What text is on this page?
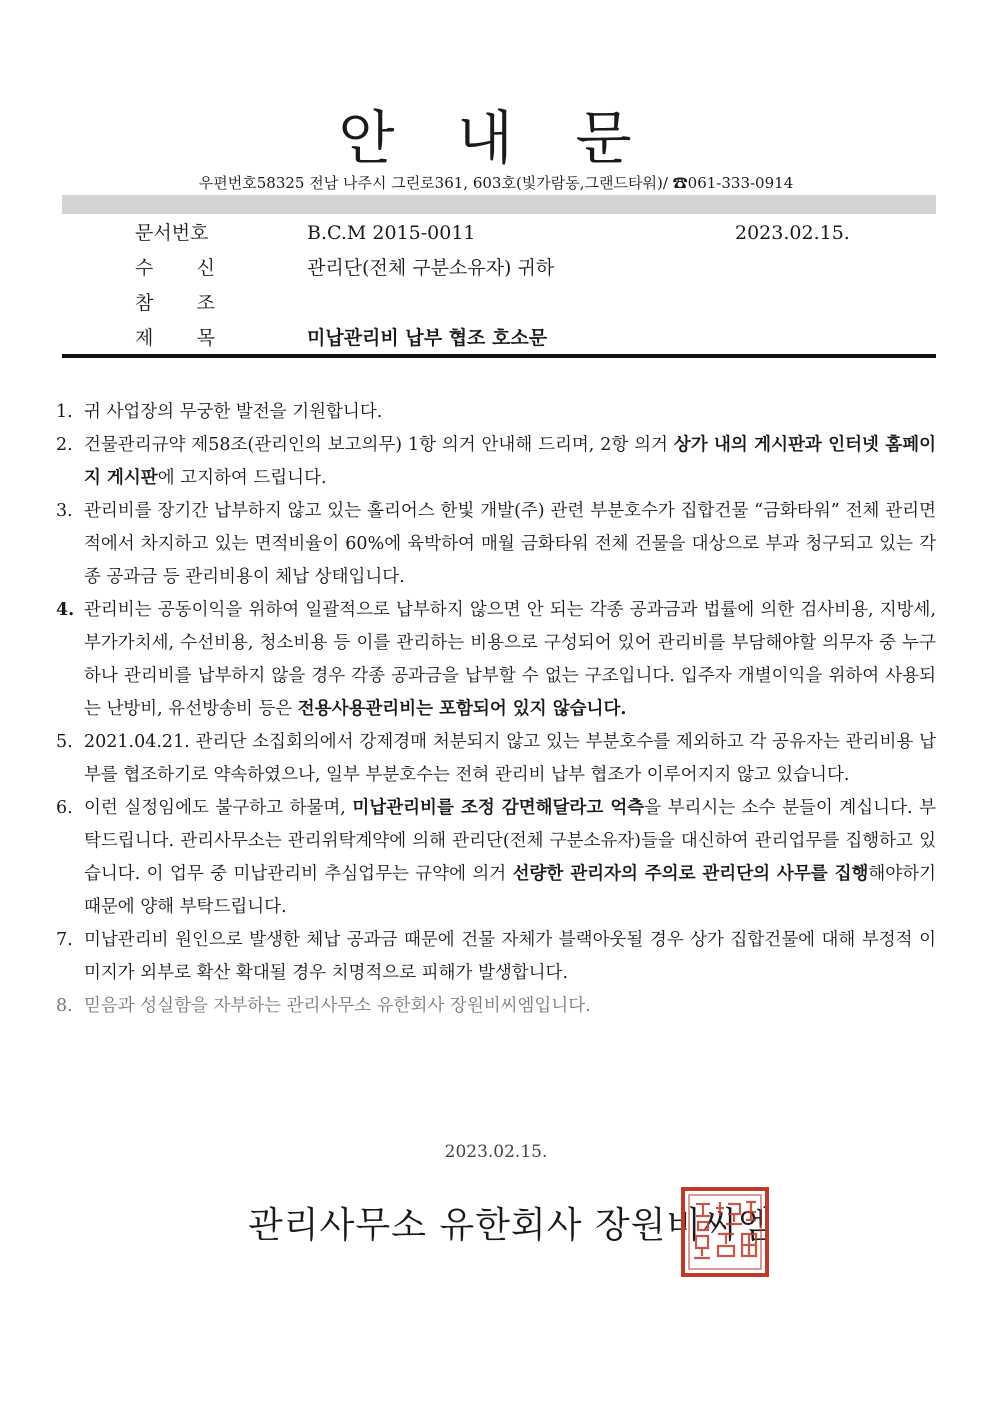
안 내 문
우편번호58325 전남 나주시 그린로361, 603호(빛가람동,그랜드타워)/ ☎061-333-0914
문서번호	B.C.M 2015-0011	2023.02.15.
수 신	관리단(전체 구분소유자) 귀하
참 조
제 목	미납관리비 납부 협조 호소문
1. 귀 사업장의 무궁한 발전을 기원합니다.
2. 건물관리규약 제58조(관리인의 보고의무) 1항 의거 안내해 드리며, 2항 의거 상가 내의 게시판과 인터넷 홈페이지 게시판에 고지하여 드립니다.
3. 관리비를 장기간 납부하지 않고 있는 홀리어스 한빛 개발(주) 관련 부분호수가 집합건물 “금화타워” 전체 관리면적에서 차지하고 있는 면적비율이 60%에 육박하여 매월 금화타워 전체 건물을 대상으로 부과 청구되고 있는 각종 공과금 등 관리비용이 체납 상태입니다.
4. 관리비는 공동이익을 위하여 일괄적으로 납부하지 않으면 안 되는 각종 공과금과 법률에 의한 검사비용, 지방세, 부가가치세, 수선비용, 청소비용 등 이를 관리하는 비용으로 구성되어 있어 관리비를 부담해야할 의무자 중 누구하나 관리비를 납부하지 않을 경우 각종 공과금을 납부할 수 없는 구조입니다. 입주자 개별이익을 위하여 사용되는 난방비, 유선방송비 등은 전용사용관리비는 포함되어 있지 않습니다.
5. 2021.04.21. 관리단 소집회의에서 강제경매 처분되지 않고 있는 부분호수를 제외하고 각 공유자는 관리비용 납부를 협조하기로 약속하였으나, 일부 부분호수는 전혀 관리비 납부 협조가 이루어지지 않고 있습니다.
6. 이런 실정임에도 불구하고 하물며, 미납관리비를 조정 감면해달라고 억측을 부리시는 소수 분들이 계십니다. 부탁드립니다. 관리사무소는 관리위탁계약에 의해 관리단(전체 구분소유자)들을 대신하여 관리업무를 집행하고 있습니다. 이 업무 중 미납관리비 추심업무는 규약에 의거 선량한 관리자의 주의로 관리단의 사무를 집행해야하기 때문에 양해 부탁드립니다.
7. 미납관리비 원인으로 발생한 체납 공과금 때문에 건물 자체가 블랙아웃될 경우 상가 집합건물에 대해 부정적 이미지가 외부로 확산 확대될 경우 치명적으로 피해가 발생합니다.
8. 믿음과 성실함을 자부하는 관리사무소 유한회사 장원비씨엠입니다.
2023.02.15.
관리사무소 유한회사 장원비씨엠
